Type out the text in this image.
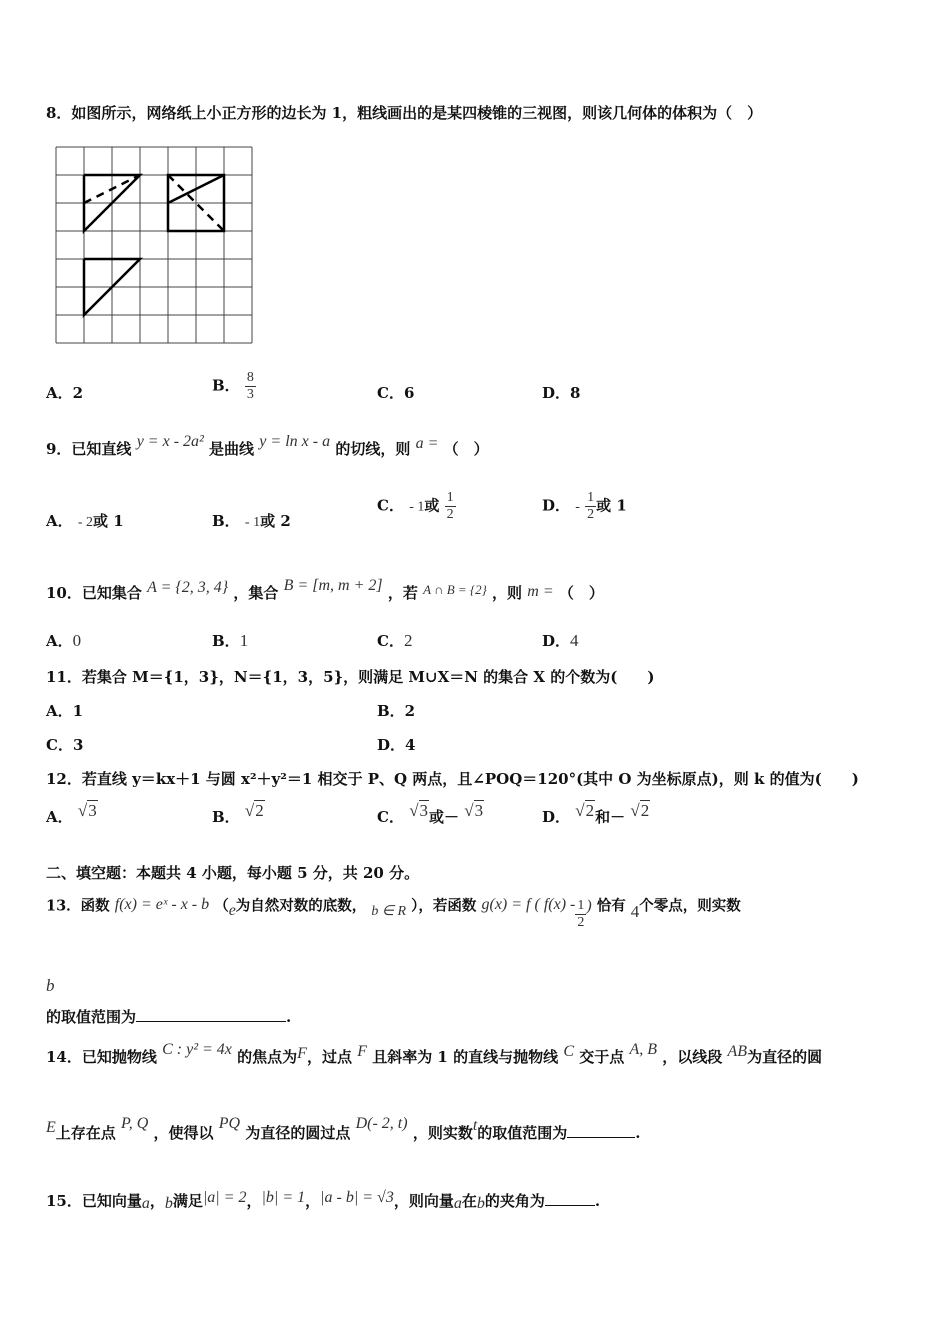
8．如图所示，网络纸上小正方形的边长为 1，粗线画出的是某四棱锥的三视图，则该几何体的体积为（　）
A．2	B． $\frac{8}{3}$	C．6	D．8
9．已知直线 y = x - 2a² 是曲线 y = ln x - a 的切线，则 a = （　）
A． - 2或 1	B． - 1或 2
C． - 1或 $\frac{1}{2}$	D． - $\frac{1}{2}$ 或 1
10．已知集合 A = {2, 3, 4} ，集合 B = [m, m + 2] ，若 A ∩ B = {2} ，则 m = （　）
A．0	B．1	C．2	D．4
11．若集合 M＝{1，3}，N＝{1，3，5}，则满足 M∪X＝N 的集合 X 的个数为(　　)
A．1	B．2
C．3	D．4
12．若直线 y＝kx＋1 与圆 x²＋y²＝1 相交于 P、Q 两点，且∠POQ＝120°(其中 O 为坐标原点)，则 k 的值为(　　)
A． √3	B． √2	C． √3或－ √3	D． √2和－ √2
二、填空题：本题共 4 小题，每小题 5 分，共 20 分。
13．函数 f(x) = eˣ - x - b （e为自然对数的底数， b ∈ R ），若函数 g(x) = f ( $f(x) - \frac{1}{2}$ ) 恰有 4个零点，则实数
b
的取值范围为	.
14．已知抛物线 C : y² = 4x 的焦点为F，过点 F 且斜率为 1 的直线与抛物线 C 交于点 A, B ，以线段 AB为直径的圆
E上存在点 P, Q ，使得以 PQ 为直径的圆过点 D(- 2, t) ，则实数t的取值范围为	.
15．已知向量a，b满足|a| = 2，|b| = 1，|a - b| = √3，则向量a在b的夹角为	.
